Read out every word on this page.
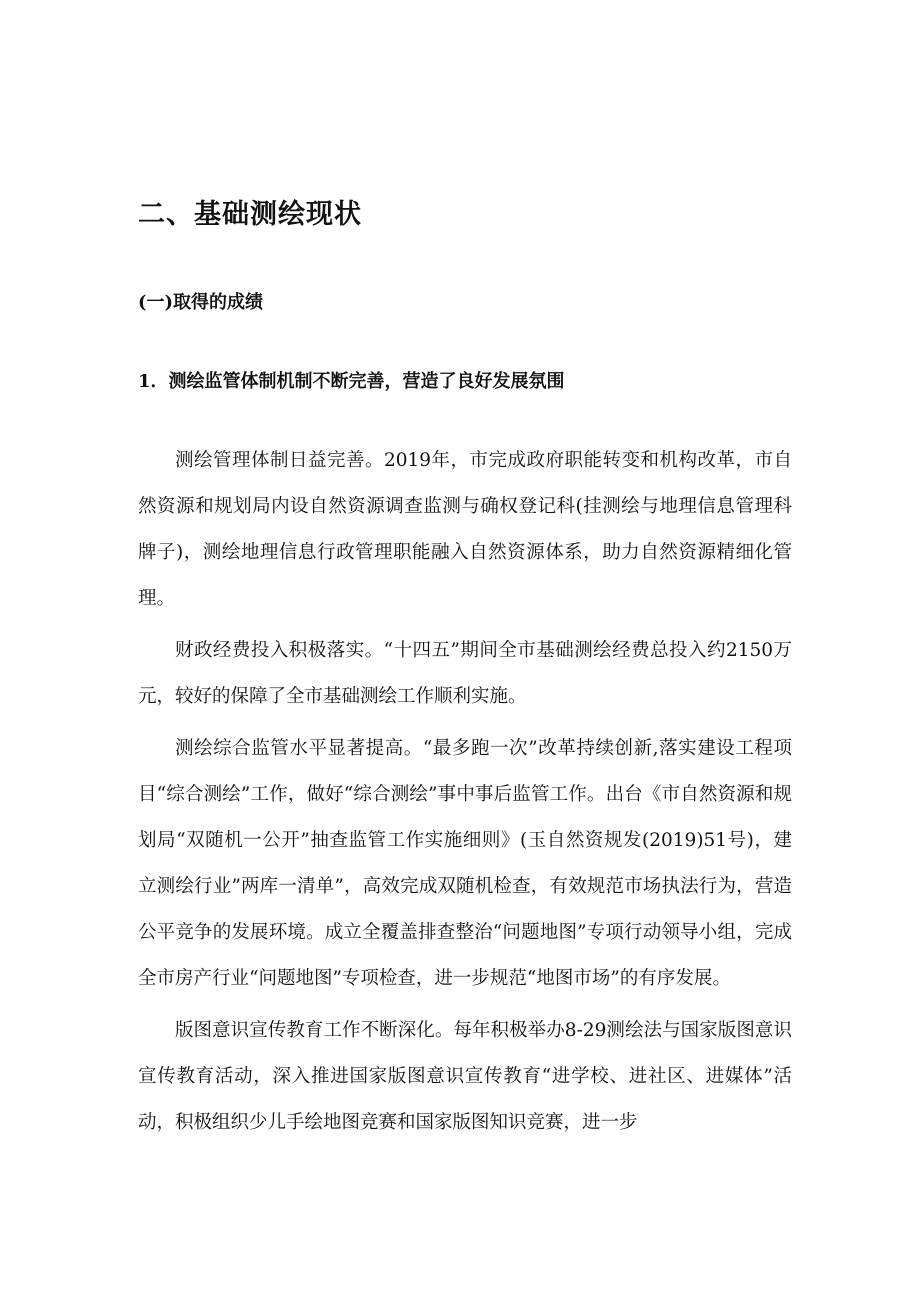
二、基础测绘现状
(一)取得的成绩
1．测绘监管体制机制不断完善，营造了良好发展氛围

测绘管理体制日益完善。2019年，市完成政府职能转变和机构改革，市自然资源和规划局内设自然资源调查监测与确权登记科(挂测绘与地理信息管理科牌子)，测绘地理信息行政管理职能融入自然资源体系，助力自然资源精细化管理。

财政经费投入积极落实。“十四五”期间全市基础测绘经费总投入约2150万元，较好的保障了全市基础测绘工作顺利实施。

测绘综合监管水平显著提高。“最多跑一次”改革持续创新,落实建设工程项目“综合测绘”工作，做好“综合测绘”事中事后监管工作。出台《市自然资源和规划局“双随机一公开”抽查监管工作实施细则》(玉自然资规发(2019)51号)，建立测绘行业”两库一清单”，高效完成双随机检查，有效规范市场执法行为，营造公平竞争的发展环境。成立全覆盖排查整治“问题地图”专项行动领导小组，完成全市房产行业“问题地图”专项检查，进一步规范“地图市场”的有序发展。

版图意识宣传教育工作不断深化。每年积极举办8-29测绘法与国家版图意识宣传教育活动，深入推进国家版图意识宣传教育“进学校、进社区、进媒体”活动，积极组织少儿手绘地图竞赛和国家版图知识竞赛，进一步
